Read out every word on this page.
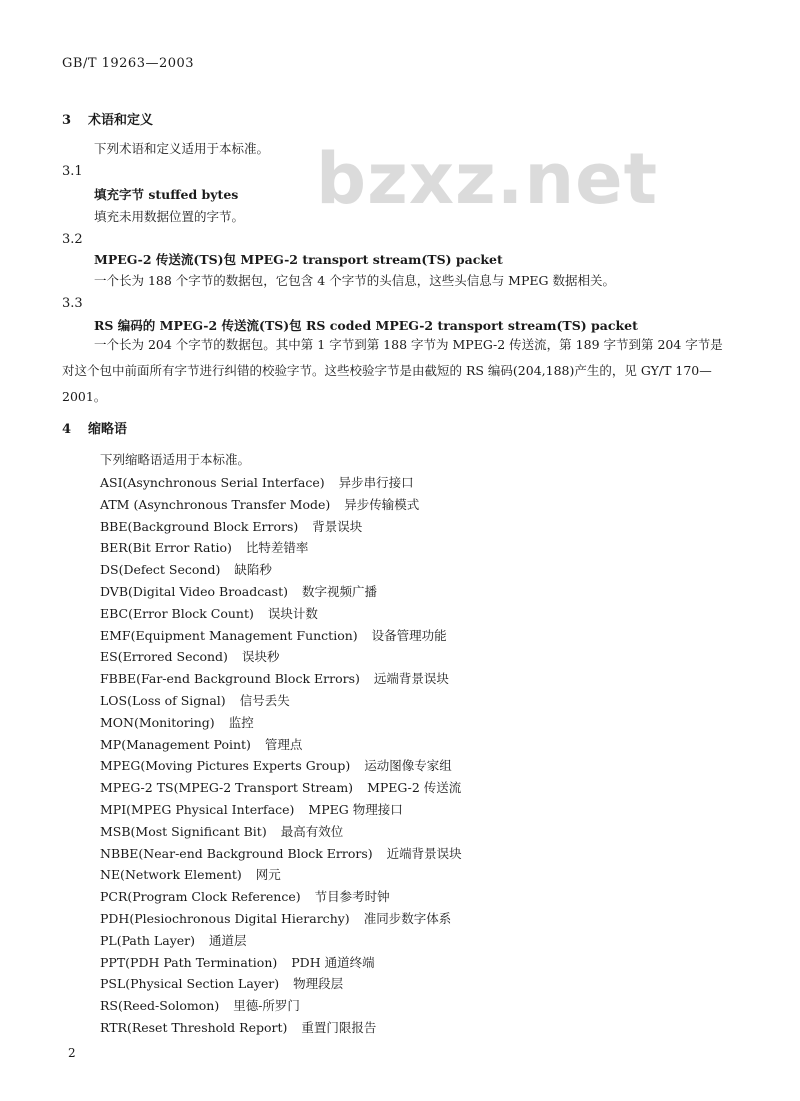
GB/T 19263—2003
bzxz.net
3 术语和定义
下列术语和定义适用于本标准。
3.1
填充字节 stuffed bytes
填充未用数据位置的字节。
3.2
MPEG-2 传送流(TS)包 MPEG-2 transport stream(TS) packet
一个长为 188 个字节的数据包，它包含 4 个字节的头信息，这些头信息与 MPEG 数据相关。
3.3
RS 编码的 MPEG-2 传送流(TS)包 RS coded MPEG-2 transport stream(TS) packet
一个长为 204 个字节的数据包。其中第 1 字节到第 188 字节为 MPEG-2 传送流，第 189 字节到第 204 字节是对这个包中前面所有字节进行纠错的校验字节。这些校验字节是由截短的 RS 编码(204,188)产生的，见 GY/T 170—2001。
4 缩略语
下列缩略语适用于本标准。
ASI(Asynchronous Serial Interface) 异步串行接口
ATM (Asynchronous Transfer Mode) 异步传输模式
BBE(Background Block Errors) 背景误块
BER(Bit Error Ratio) 比特差错率
DS(Defect Second) 缺陷秒
DVB(Digital Video Broadcast) 数字视频广播
EBC(Error Block Count) 误块计数
EMF(Equipment Management Function) 设备管理功能
ES(Errored Second) 误块秒
FBBE(Far-end Background Block Errors) 远端背景误块
LOS(Loss of Signal) 信号丢失
MON(Monitoring) 监控
MP(Management Point) 管理点
MPEG(Moving Pictures Experts Group) 运动图像专家组
MPEG-2 TS(MPEG-2 Transport Stream) MPEG-2 传送流
MPI(MPEG Physical Interface) MPEG 物理接口
MSB(Most Significant Bit) 最高有效位
NBBE(Near-end Background Block Errors) 近端背景误块
NE(Network Element) 网元
PCR(Program Clock Reference) 节目参考时钟
PDH(Plesiochronous Digital Hierarchy) 准同步数字体系
PL(Path Layer) 通道层
PPT(PDH Path Termination) PDH 通道终端
PSL(Physical Section Layer) 物理段层
RS(Reed-Solomon) 里德-所罗门
RTR(Reset Threshold Report) 重置门限报告
2
